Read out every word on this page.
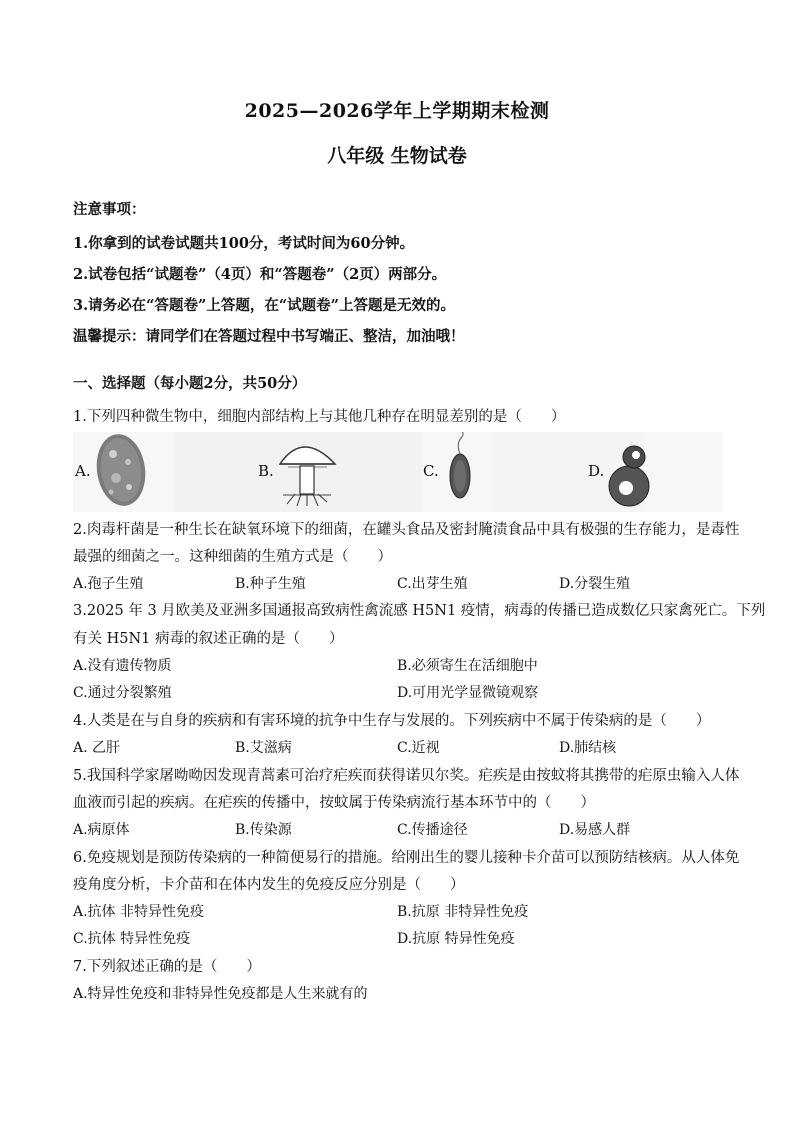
2025—2026学年上学期期末检测
八年级 生物试卷
注意事项：
1.你拿到的试卷试题共100分，考试时间为60分钟。
2.试卷包括“试题卷”（4页）和“答题卷”（2页）两部分。
3.请务必在“答题卷”上答题，在“试题卷”上答题是无效的。
温馨提示：请同学们在答题过程中书写端正、整洁，加油哦！
一、选择题（每小题2分，共50分）
1.下列四种微生物中，细胞内部结构上与其他几种存在明显差别的是（　　）
A.	B.	C.	D.
2.肉毒杆菌是一种生长在缺氧环境下的细菌，在罐头食品及密封腌渍食品中具有极强的生存能力，是毒性
最强的细菌之一。这种细菌的生殖方式是（　　）
A.孢子生殖	B.种子生殖	C.出芽生殖	D.分裂生殖
3.2025 年 3 月欧美及亚洲多国通报高致病性禽流感 H5N1 疫情，病毒的传播已造成数亿只家禽死亡。下列
有关 H5N1 病毒的叙述正确的是（　　）
A.没有遗传物质	B.必须寄生在活细胞中
C.通过分裂繁殖	D.可用光学显微镜观察
4.人类是在与自身的疾病和有害环境的抗争中生存与发展的。下列疾病中不属于传染病的是（　　）
A. 乙肝	B.艾滋病	C.近视	D.肺结核
5.我国科学家屠呦呦因发现青蒿素可治疗疟疾而获得诺贝尔奖。疟疾是由按蚊将其携带的疟原虫输入人体
血液而引起的疾病。在疟疾的传播中，按蚊属于传染病流行基本环节中的（　　）
A.病原体	B.传染源	C.传播途径	D.易感人群
6.免疫规划是预防传染病的一种简便易行的措施。给刚出生的婴儿接种卡介苗可以预防结核病。从人体免
疫角度分析，卡介苗和在体内发生的免疫反应分别是（　　）
A.抗体 非特异性免疫	B.抗原 非特异性免疫
C.抗体 特异性免疫	D.抗原 特异性免疫
7.下列叙述正确的是（　　）
A.特异性免疫和非特异性免疫都是人生来就有的
